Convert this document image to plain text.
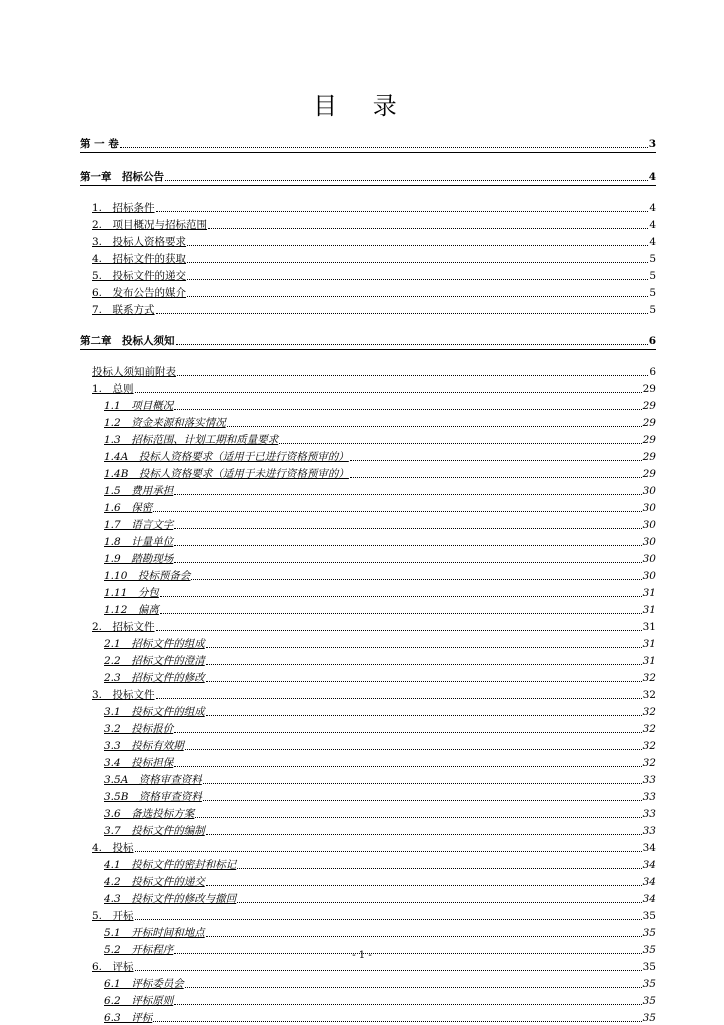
目 录
第 一 卷	3
第一章　招标公告	4
1.　招标条件	4
2.　项目概况与招标范围	4
3.　投标人资格要求	4
4.　招标文件的获取	5
5.　投标文件的递交	5
6.　发布公告的媒介	5
7.　联系方式	5
第二章　投标人须知	6
投标人须知前附表	6
1.　总则	29
1.1　项目概况	29
1.2　资金来源和落实情况	29
1.3　招标范围、计划工期和质量要求	29
1.4A　投标人资格要求（适用于已进行资格预审的）	29
1.4B　投标人资格要求（适用于未进行资格预审的）	29
1.5　费用承担	30
1.6　保密	30
1.7　语言文字	30
1.8　计量单位	30
1.9　踏勘现场	30
1.10　投标预备会	30
1.11　分包	31
1.12　偏离	31
2.　招标文件	31
2.1　招标文件的组成	31
2.2　招标文件的澄清	31
2.3　招标文件的修改	32
3.　投标文件	32
3.1　投标文件的组成	32
3.2　投标报价	32
3.3　投标有效期	32
3.4　投标担保	32
3.5A　资格审查资料	33
3.5B　资格审查资料	33
3.6　备选投标方案	33
3.7　投标文件的编制	33
4.　投标	34
4.1　投标文件的密封和标记	34
4.2　投标文件的递交	34
4.3　投标文件的修改与撤回	34
5.　开标	35
5.1　开标时间和地点	35
5.2　开标程序	35
6.　评标	35
6.1　评标委员会	35
6.2　评标原则	35
6.3　评标	35
- 1 -
